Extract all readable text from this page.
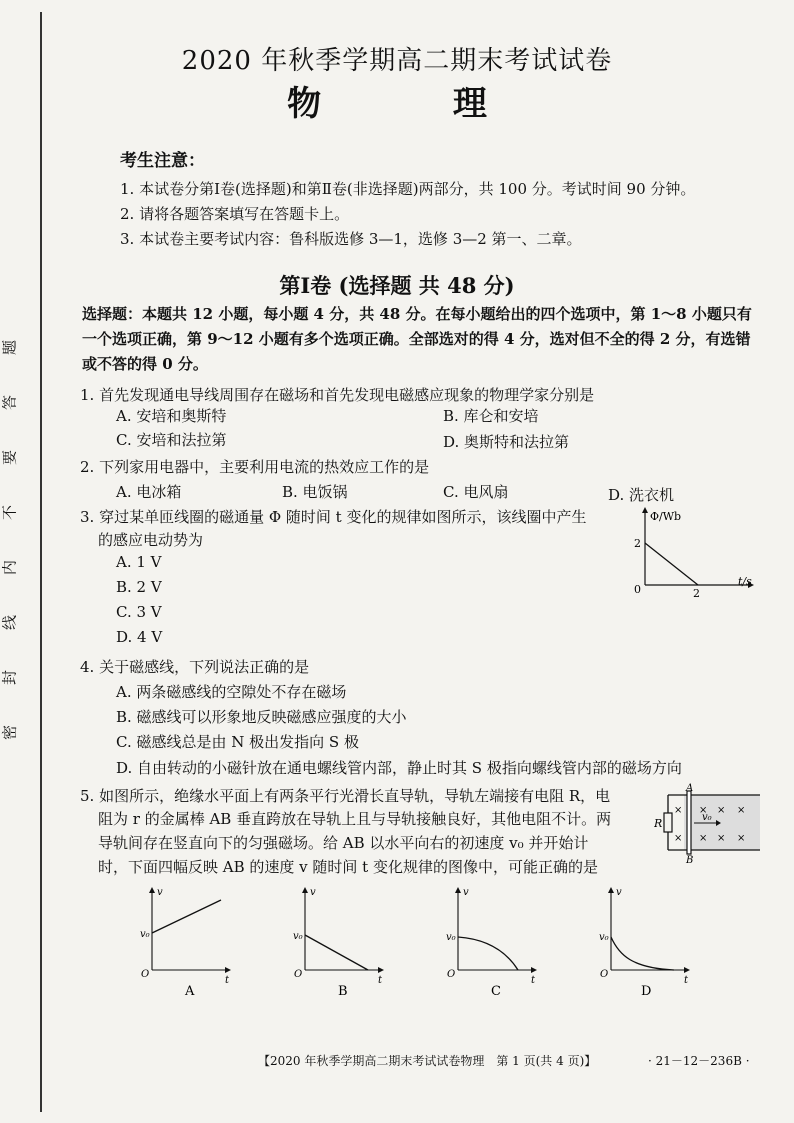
题
答
要
不
内
线
封
密
2020 年秋季学期高二期末考试试卷
物 理
考生注意：
1. 本试卷分第Ⅰ卷(选择题)和第Ⅱ卷(非选择题)两部分，共 100 分。考试时间 90 分钟。
2. 请将各题答案填写在答题卡上。
3. 本试卷主要考试内容：鲁科版选修 3—1，选修 3—2 第一、二章。
第Ⅰ卷 (选择题 共 48 分)
选择题：本题共 12 小题，每小题 4 分，共 48 分。在每小题给出的四个选项中，第 1～8 小题只有一个选项正确，第 9～12 小题有多个选项正确。全部选对的得 4 分，选对但不全的得 2 分，有选错或不答的得 0 分。
1. 首先发现通电导线周围存在磁场和首先发现电磁感应现象的物理学家分别是
A. 安培和奥斯特	B. 库仑和安培
C. 安培和法拉第	D. 奥斯特和法拉第
2. 下列家用电器中，主要利用电流的热效应工作的是
A. 电冰箱	B. 电饭锅	C. 电风扇	D. 洗衣机
3. 穿过某单匝线圈的磁通量 Φ 随时间 t 变化的规律如图所示，该线圈中产生
的感应电动势为
A. 1 V
B. 2 V
C. 3 V
D. 4 V
Φ/Wb
t/s
0
2
2
4. 关于磁感线，下列说法正确的是
A. 两条磁感线的空隙处不存在磁场
B. 磁感线可以形象地反映磁感应强度的大小
C. 磁感线总是由 N 极出发指向 S 极
D. 自由转动的小磁针放在通电螺线管内部，静止时其 S 极指向螺线管内部的磁场方向
5. 如图所示，绝缘水平面上有两条平行光滑长直导轨，导轨左端接有电阻 R，电
阻为 r 的金属棒 AB 垂直跨放在导轨上且与导轨接触良好，其他电阻不计。两
导轨间存在竖直向下的匀强磁场。给 AB 以水平向右的初速度 v₀ 并开始计
时，下面四幅反映 AB 的速度 v 随时间 t 变化规律的图像中，可能正确的是
R
A
B
×
×
× × ×
× × ×
v₀
v
t
v₀
O
A
v
t
v₀
O
B
v
t
v₀
O
C
v
t
v₀
O
D
【2020 年秋季学期高二期末考试试卷物理　第 1 页(共 4 页)】	· 21－12－236B ·
